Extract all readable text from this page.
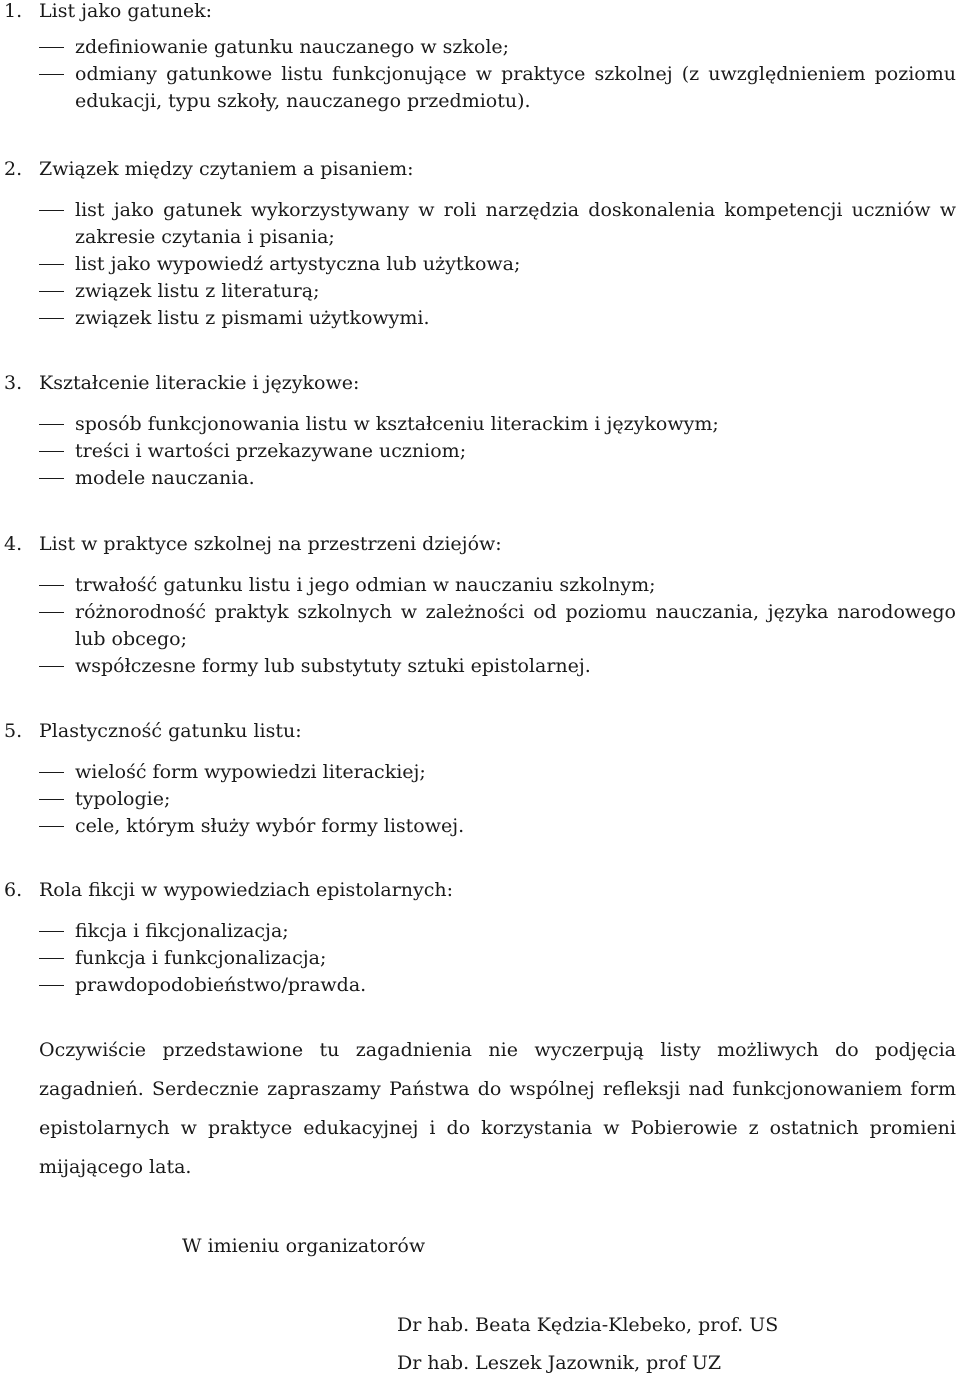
1. List jako gatunek:
zdefiniowanie gatunku nauczanego w szkole;
odmiany gatunkowe listu funkcjonujące w praktyce szkolnej (z uwzględnieniem poziomu edukacji, typu szkoły, nauczanego przedmiotu).
2. Związek między czytaniem a pisaniem:
list jako gatunek wykorzystywany w roli narzędzia doskonalenia kompetencji uczniów w zakresie czytania i pisania;
list jako wypowiedź artystyczna lub użytkowa;
związek listu z literaturą;
związek listu z pismami użytkowymi.
3. Kształcenie literackie i językowe:
sposób funkcjonowania listu w kształceniu literackim i językowym;
treści i wartości przekazywane uczniom;
modele nauczania.
4. List w praktyce szkolnej na przestrzeni dziejów:
trwałość gatunku listu i jego odmian w nauczaniu szkolnym;
różnorodność praktyk szkolnych w zależności od poziomu nauczania, języka narodowego lub obcego;
współczesne formy lub substytuty sztuki epistolarnej.
5. Plastyczność gatunku listu:
wielość form wypowiedzi literackiej;
typologie;
cele, którym służy wybór formy listowej.
6. Rola fikcji w wypowiedziach epistolarnych:
fikcja i fikcjonalizacja;
funkcja i funkcjonalizacja;
prawdopodobieństwo/prawda.
Oczywiście przedstawione tu zagadnienia nie wyczerpują listy możliwych do podjęcia zagadnień. Serdecznie zapraszamy Państwa do wspólnej refleksji nad funkcjonowaniem form epistolarnych w praktyce edukacyjnej i do korzystania w Pobierowie z ostatnich promieni mijającego lata.
W imieniu organizatorów
Dr hab. Beata Kędzia-Klebeko, prof. US
Dr hab. Leszek Jazownik, prof UZ
